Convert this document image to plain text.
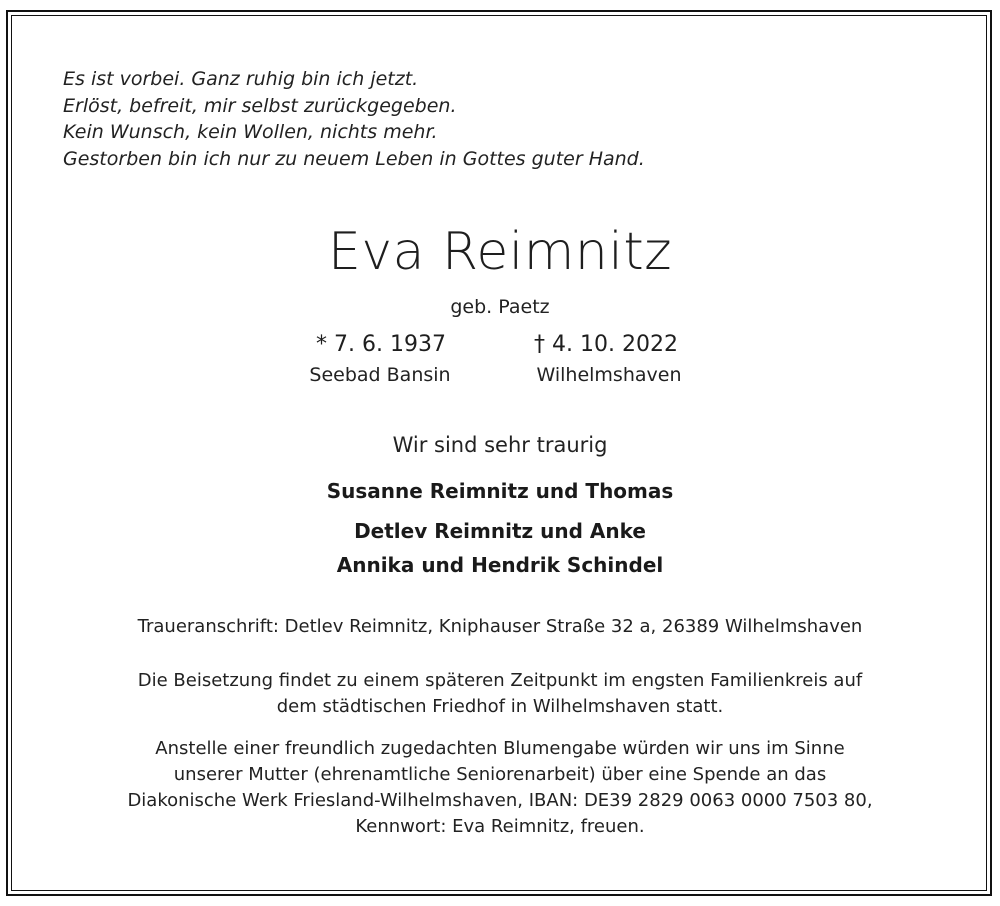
Es ist vorbei. Ganz ruhig bin ich jetzt.
Erlöst, befreit, mir selbst zurückgegeben.
Kein Wunsch, kein Wollen, nichts mehr.
Gestorben bin ich nur zu neuem Leben in Gottes guter Hand.
Eva Reimnitz
geb. Paetz
* 7. 6. 1937	† 4. 10. 2022
Seebad Bansin	Wilhelmshaven
Wir sind sehr traurig
Susanne Reimnitz und Thomas
Detlev Reimnitz und Anke
Annika und Hendrik Schindel
Traueranschrift: Detlev Reimnitz, Kniphauser Straße 32 a, 26389 Wilhelmshaven
Die Beisetzung findet zu einem späteren Zeitpunkt im engsten Familienkreis auf
dem städtischen Friedhof in Wilhelmshaven statt.
Anstelle einer freundlich zugedachten Blumengabe würden wir uns im Sinne
unserer Mutter (ehrenamtliche Seniorenarbeit) über eine Spende an das
Diakonische Werk Friesland-Wilhelmshaven, IBAN: DE39 2829 0063 0000 7503 80,
Kennwort: Eva Reimnitz, freuen.
